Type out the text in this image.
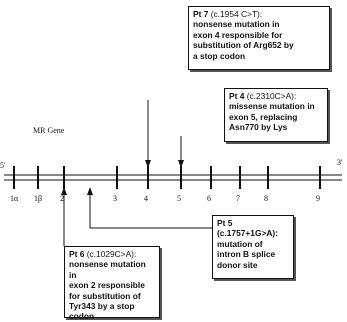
MR Gene
5'	3'
1α 1β 2	3	4	5	6	7	8	9
Pt 7 (c.1954 C>T):
nonsense mutation in
exon 4 responsible for
substitution of Arg652 by
a stop codon
Pt 4 (c.2310C>A):
missense mutation in
exon 5, replacing
Asn770 by Lys
Pt 5
(c.1757+1G>A):
mutation of
intron B splice
donor site
Pt 6 (c.1029C>A):
nonsense mutation in
exon 2 responsible
for substitution of
Tyr343 by a stop
codon
